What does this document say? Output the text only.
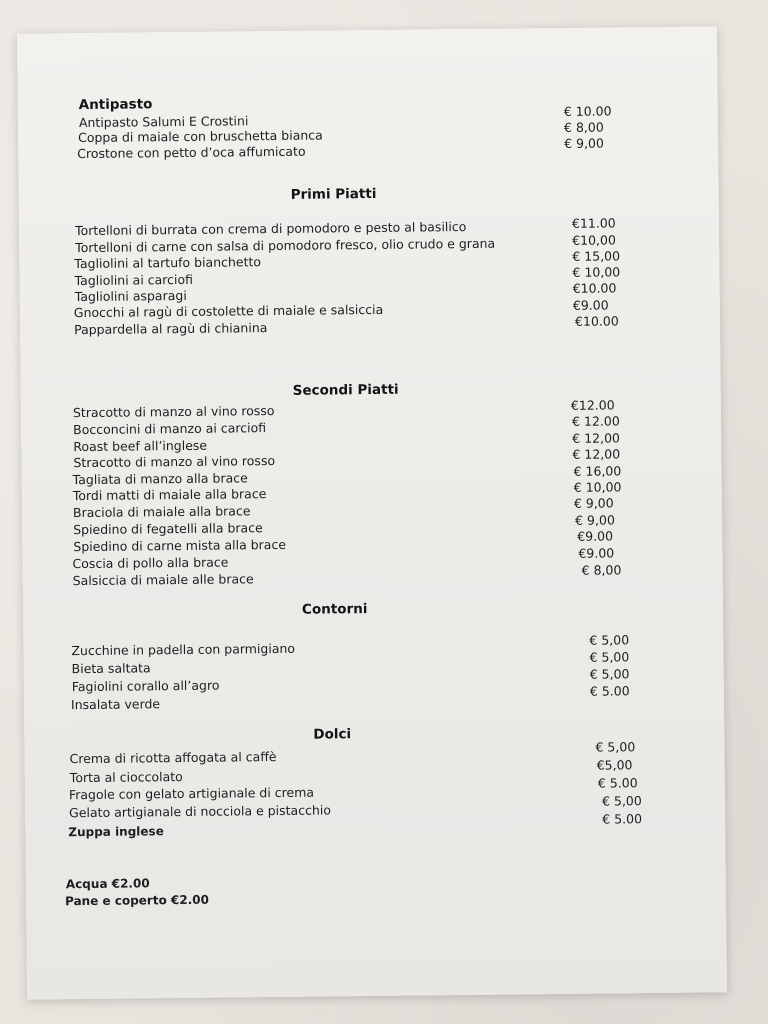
Antipasto
Antipasto Salumi E Crostini
€ 10.00
Coppa di maiale con bruschetta bianca
€ 8,00
Crostone con petto d’oca affumicato
€ 9,00
Primi Piatti
Tortelloni di burrata con crema di pomodoro e pesto al basilico	€11.00
Tortelloni di carne con salsa di pomodoro fresco, olio crudo e grana	€10,00
Tagliolini al tartufo bianchetto	€ 15,00
Tagliolini ai carciofi	€ 10,00
Tagliolini asparagi	€10.00
Gnocchi al ragù di costolette di maiale e salsiccia	€9.00
Pappardella al ragù di chianina	€10.00
Secondi Piatti
Stracotto di manzo al vino rosso	€12.00
Bocconcini di manzo ai carciofi	€ 12.00
Roast beef all’inglese	€ 12,00
Stracotto di manzo al vino rosso	€ 12,00
Tagliata di manzo alla brace	€ 16,00
Tordi matti di maiale alla brace	€ 10,00
Braciola di maiale alla brace
€ 9,00
Spiedino di fegatelli alla brace	€ 9,00
Spiedino di carne mista alla brace
€9.00
Coscia di pollo alla brace
€9.00
Salsiccia di maiale alle brace
€ 8,00
Contorni
Zucchine in padella con parmigiano
€ 5,00
Bieta saltata
€ 5,00
Fagiolini corallo all’agro
€ 5,00
Insalata verde
€ 5.00
Dolci
Crema di ricotta affogata al caffè
€ 5,00
Torta al cioccolato
€5,00
Fragole con gelato artigianale di crema
€ 5.00
Gelato artigianale di nocciola e pistacchio
€ 5,00
Zuppa inglese
€ 5.00
Acqua €2.00
Pane e coperto €2.00
